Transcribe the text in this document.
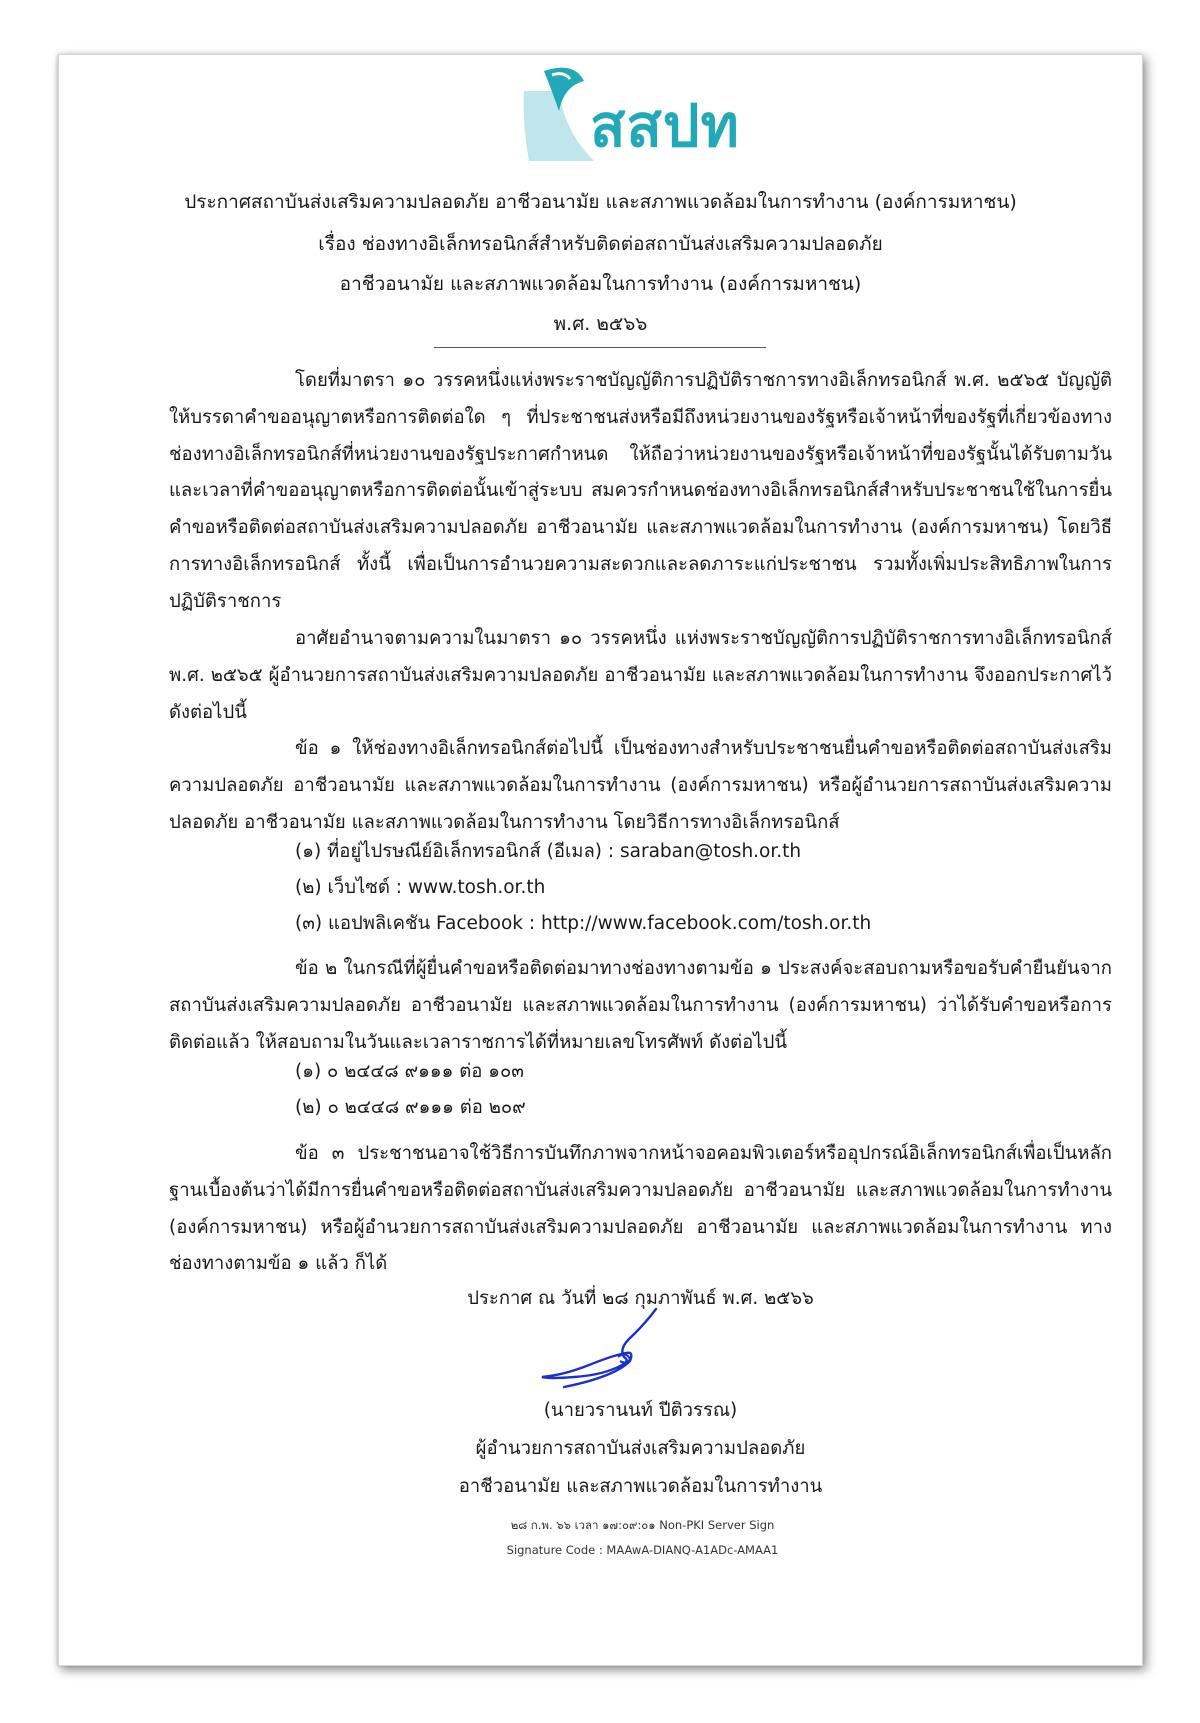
สสปท
ประกาศสถาบันส่งเสริมความปลอดภัย อาชีวอนามัย และสภาพแวดล้อมในการทำงาน (องค์การมหาชน)
เรื่อง ช่องทางอิเล็กทรอนิกส์สำหรับติดต่อสถาบันส่งเสริมความปลอดภัย
อาชีวอนามัย และสภาพแวดล้อมในการทำงาน (องค์การมหาชน)
พ.ศ. ๒๕๖๖

โดยที่มาตรา ๑๐ วรรคหนึ่งแห่งพระราชบัญญัติการปฏิบัติราชการทางอิเล็กทรอนิกส์ พ.ศ. ๒๕๖๕ บัญญัติให้บรรดาคำขออนุญาตหรือการติดต่อใด ๆ ที่ประชาชนส่งหรือมีถึงหน่วยงานของรัฐหรือเจ้าหน้าที่ของรัฐที่เกี่ยวข้องทางช่องทางอิเล็กทรอนิกส์ที่หน่วยงานของรัฐประกาศกำหนด ให้ถือว่าหน่วยงานของรัฐหรือเจ้าหน้าที่ของรัฐนั้นได้รับตามวันและเวลาที่คำขออนุญาตหรือการติดต่อนั้นเข้าสู่ระบบ สมควรกำหนดช่องทางอิเล็กทรอนิกส์สำหรับประชาชนใช้ในการยื่นคำขอหรือติดต่อสถาบันส่งเสริมความปลอดภัย อาชีวอนามัย และสภาพแวดล้อมในการทำงาน (องค์การมหาชน) โดยวิธีการทางอิเล็กทรอนิกส์ ทั้งนี้ เพื่อเป็นการอำนวยความสะดวกและลดภาระแก่ประชาชน รวมทั้งเพิ่มประสิทธิภาพในการปฏิบัติราชการ

อาศัยอำนาจตามความในมาตรา ๑๐ วรรคหนึ่ง แห่งพระราชบัญญัติการปฏิบัติราชการทางอิเล็กทรอนิกส์ พ.ศ. ๒๕๖๕ ผู้อำนวยการสถาบันส่งเสริมความปลอดภัย อาชีวอนามัย และสภาพแวดล้อมในการทำงาน จึงออกประกาศไว้ ดังต่อไปนี้

ข้อ ๑ ให้ช่องทางอิเล็กทรอนิกส์ต่อไปนี้ เป็นช่องทางสำหรับประชาชนยื่นคำขอหรือติดต่อสถาบันส่งเสริมความปลอดภัย อาชีวอนามัย และสภาพแวดล้อมในการทำงาน (องค์การมหาชน) หรือผู้อำนวยการสถาบันส่งเสริมความปลอดภัย อาชีวอนามัย และสภาพแวดล้อมในการทำงาน โดยวิธีการทางอิเล็กทรอนิกส์

(๑) ที่อยู่ไปรษณีย์อิเล็กทรอนิกส์ (อีเมล) : saraban@tosh.or.th
(๒) เว็บไซต์ : www.tosh.or.th
(๓) แอปพลิเคชัน Facebook : http://www.facebook.com/tosh.or.th

ข้อ ๒ ในกรณีที่ผู้ยื่นคำขอหรือติดต่อมาทางช่องทางตามข้อ ๑ ประสงค์จะสอบถามหรือขอรับคำยืนยันจากสถาบันส่งเสริมความปลอดภัย อาชีวอนามัย และสภาพแวดล้อมในการทำงาน (องค์การมหาชน) ว่าได้รับคำขอหรือการติดต่อแล้ว ให้สอบถามในวันและเวลาราชการได้ที่หมายเลขโทรศัพท์ ดังต่อไปนี้

(๑) ๐ ๒๔๔๘ ๙๑๑๑ ต่อ ๑๐๓
(๒) ๐ ๒๔๔๘ ๙๑๑๑ ต่อ ๒๐๙

ข้อ ๓ ประชาชนอาจใช้วิธีการบันทึกภาพจากหน้าจอคอมพิวเตอร์หรืออุปกรณ์อิเล็กทรอนิกส์เพื่อเป็นหลักฐานเบื้องต้นว่าได้มีการยื่นคำขอหรือติดต่อสถาบันส่งเสริมความปลอดภัย อาชีวอนามัย และสภาพแวดล้อมในการทำงาน (องค์การมหาชน) หรือผู้อำนวยการสถาบันส่งเสริมความปลอดภัย อาชีวอนามัย และสภาพแวดล้อมในการทำงาน ทางช่องทางตามข้อ ๑ แล้ว ก็ได้

ประกาศ ณ วันที่ ๒๘ กุมภาพันธ์ พ.ศ. ๒๕๖๖
(นายวรานนท์ ปีติวรรณ)
ผู้อำนวยการสถาบันส่งเสริมความปลอดภัย
อาชีวอนามัย และสภาพแวดล้อมในการทำงาน
๒๘ ก.พ. ๖๖ เวลา ๑๗:๐๙:๐๑ Non-PKI Server Sign
Signature Code : MAAwA-DIANQ-A1ADc-AMAA1
